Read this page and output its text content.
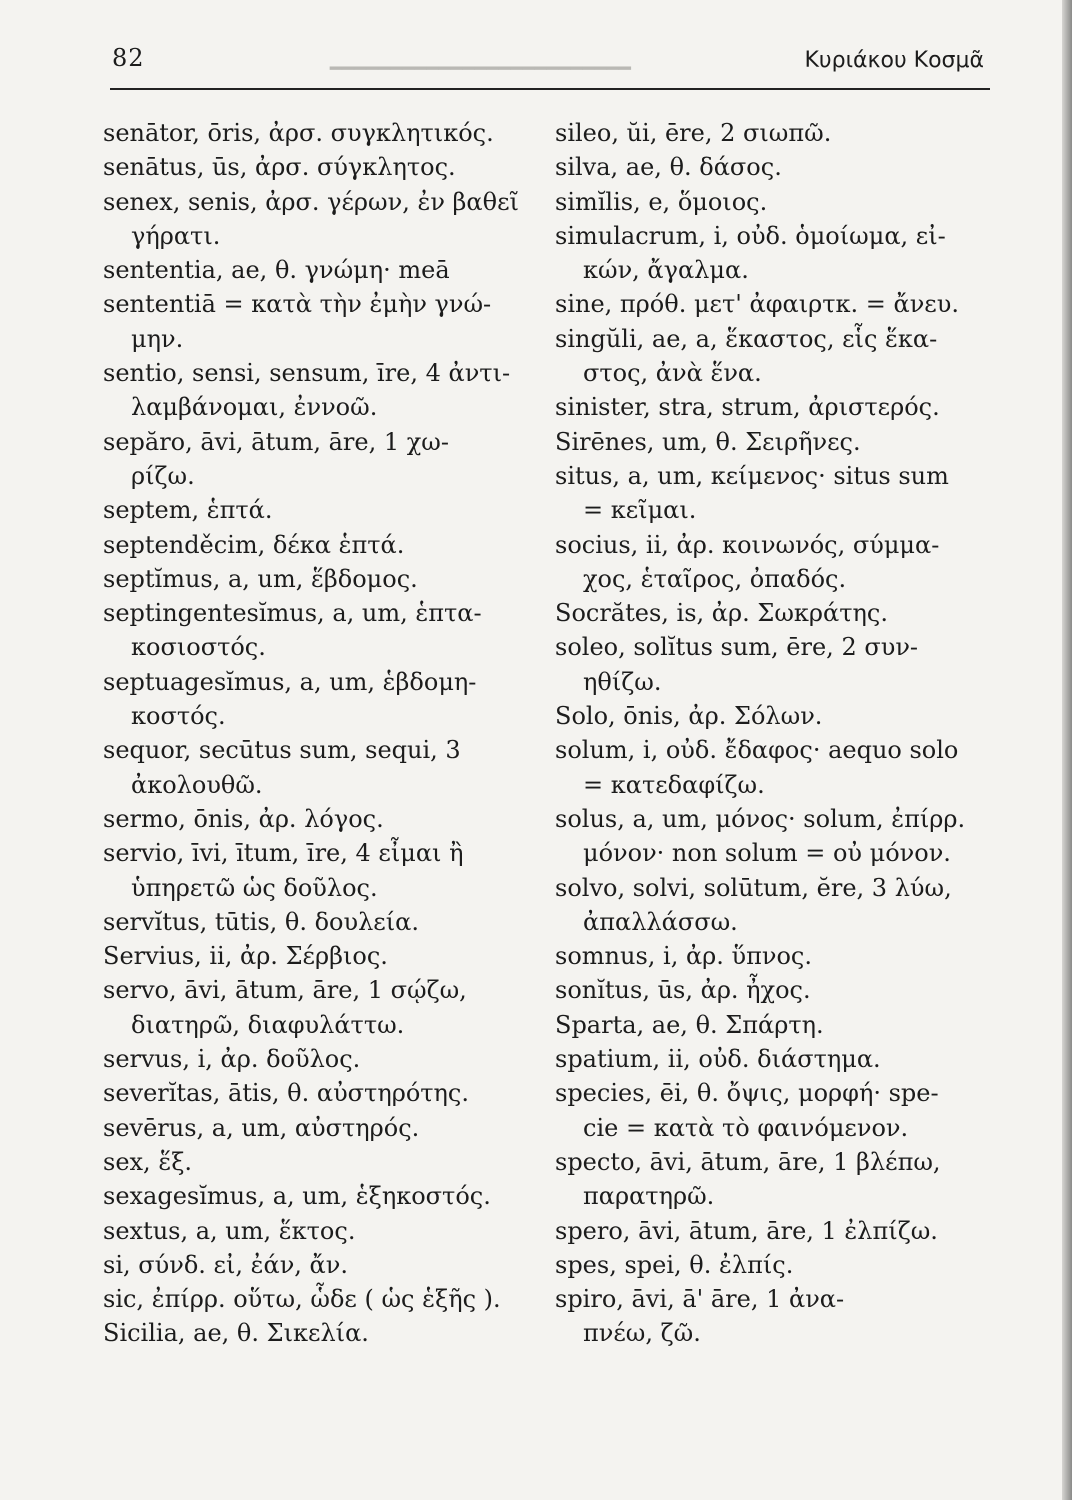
━━━━━━━━━━━━━━━━━━━━━━━━━
82	Κυριάκου Κοσμᾶ
senātor, ōris, ἀρσ. συγκλητικός.
senātus, ūs, ἀρσ. σύγκλητος.
senex, senis, ἀρσ. γέρων, ἐν βαθεῖ
γήρατι.
sententia, ae, θ. γνώμη· meā
sententiā = κατὰ τὴν ἐμὴν γνώ-
μην.
sentio, sensi, sensum, īre, 4 ἀντι-
λαμβάνομαι, ἐννοῶ.
sepăro, āvi, ātum, āre, 1 χω-
ρίζω.
septem, ἑπτά.
septenděcim, δέκα ἑπτά.
septĭmus, a, um, ἕβδομος.
septingentesĭmus, a, um, ἑπτα-
κοσιοστός.
septuagesĭmus, a, um, ἑβδομη-
κοστός.
sequor, secūtus sum, sequi, 3
ἀκολουθῶ.
sermo, ōnis, ἀρ. λόγος.
servio, īvi, ītum, īre, 4 εἶμαι ἢ
ὑπηρετῶ ὡς δοῦλος.
servĭtus, tūtis, θ. δουλεία.
Servius, ii, ἀρ. Σέρβιος.
servo, āvi, ātum, āre, 1 σῴζω,
διατηρῶ, διαφυλάττω.
servus, i, ἀρ. δοῦλος.
severĭtas, ātis, θ. αὐστηρότης.
sevērus, a, um, αὐστηρός.
sex, ἕξ.
sexagesĭmus, a, um, ἑξηκοστός.
sextus, a, um, ἕκτος.
si, σύνδ. εἰ, ἐάν, ἄν.
sic, ἐπίρρ. οὕτω, ὧδε ( ὡς ἑξῆς ).
Sicilia, ae, θ. Σικελία.
sileo, ŭi, ēre, 2 σιωπῶ.
silva, ae, θ. δάσος.
simĭlis, e, ὅμοιος.
simulacrum, i, οὐδ. ὁμοίωμα, εἰ-
κών, ἄγαλμα.
sine, πρόθ. μετ' ἀφαιρτκ. = ἄνευ.
singŭli, ae, a, ἕκαστος, εἷς ἕκα-
στος, ἀνὰ ἕνα.
sinister, stra, strum, ἀριστερός.
Sirēnes, um, θ. Σειρῆνες.
situs, a, um, κείμενος· situs sum
= κεῖμαι.
socius, ii, ἀρ. κοινωνός, σύμμα-
χος, ἑταῖρος, ὀπαδός.
Socrătes, is, ἀρ. Σωκράτης.
soleo, solĭtus sum, ēre, 2 συν-
ηθίζω.
Solo, ōnis, ἀρ. Σόλων.
solum, i, οὐδ. ἔδαφος· aequo solo
= κατεδαφίζω.
solus, a, um, μόνος· solum, ἐπίρρ.
μόνον· non solum = οὐ μόνον.
solvo, solvi, solūtum, ĕre, 3 λύω,
ἀπαλλάσσω.
somnus, i, ἀρ. ὕπνος.
sonĭtus, ūs, ἀρ. ἦχος.
Sparta, ae, θ. Σπάρτη.
spatium, ii, οὐδ. διάστημα.
species, ēi, θ. ὄψις, μορφή· spe-
cie = κατὰ τὸ φαινόμενον.
specto, āvi, ātum, āre, 1 βλέπω,
παρατηρῶ.
spero, āvi, ātum, āre, 1 ἐλπίζω.
spes, spei, θ. ἐλπίς.
spiro, āvi, ā' āre, 1 ἀνα-
πνέω, ζῶ.
